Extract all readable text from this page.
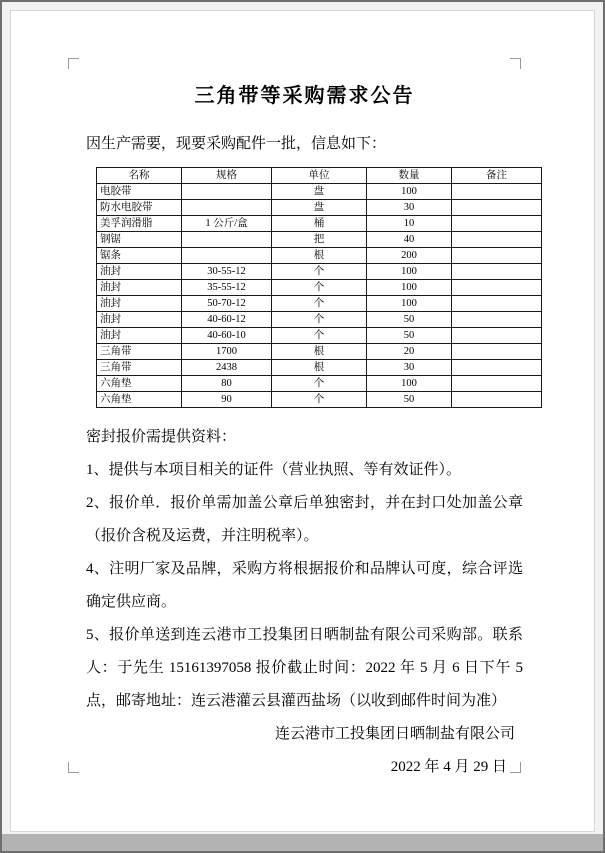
三角带等采购需求公告

因生产需要，现要采购配件一批，信息如下：

名称	规格	单位	数量	备注
电胶带		盘	100	
防水电胶带		盘	30	
美孚润滑脂	1 公斤/盒	桶	10	
钢锯		把	40	
锯条		根	200	
油封	30-55-12	个	100	
油封	35-55-12	个	100	
油封	50-70-12	个	100	
油封	40-60-12	个	50	
油封	40-60-10	个	50	
三角带	1700	根	20	
三角带	2438	根	30	
六角垫	80	个	100	
六角垫	90	个	50	

密封报价需提供资料：

1、提供与本项目相关的证件（营业执照、等有效证件）。

2、报价单．报价单需加盖公章后单独密封，并在封口处加盖公章（报价含税及运费，并注明税率）。

4、注明厂家及品牌，采购方将根据报价和品牌认可度，综合评选确定供应商。

5、报价单送到连云港市工投集团日晒制盐有限公司采购部。联系人：于先生 15161397058 报价截止时间：2022 年 5 月 6 日下午 5 点，邮寄地址：连云港灌云县灌西盐场（以收到邮件时间为准）

连云港市工投集团日晒制盐有限公司

2022 年 4 月 29 日
